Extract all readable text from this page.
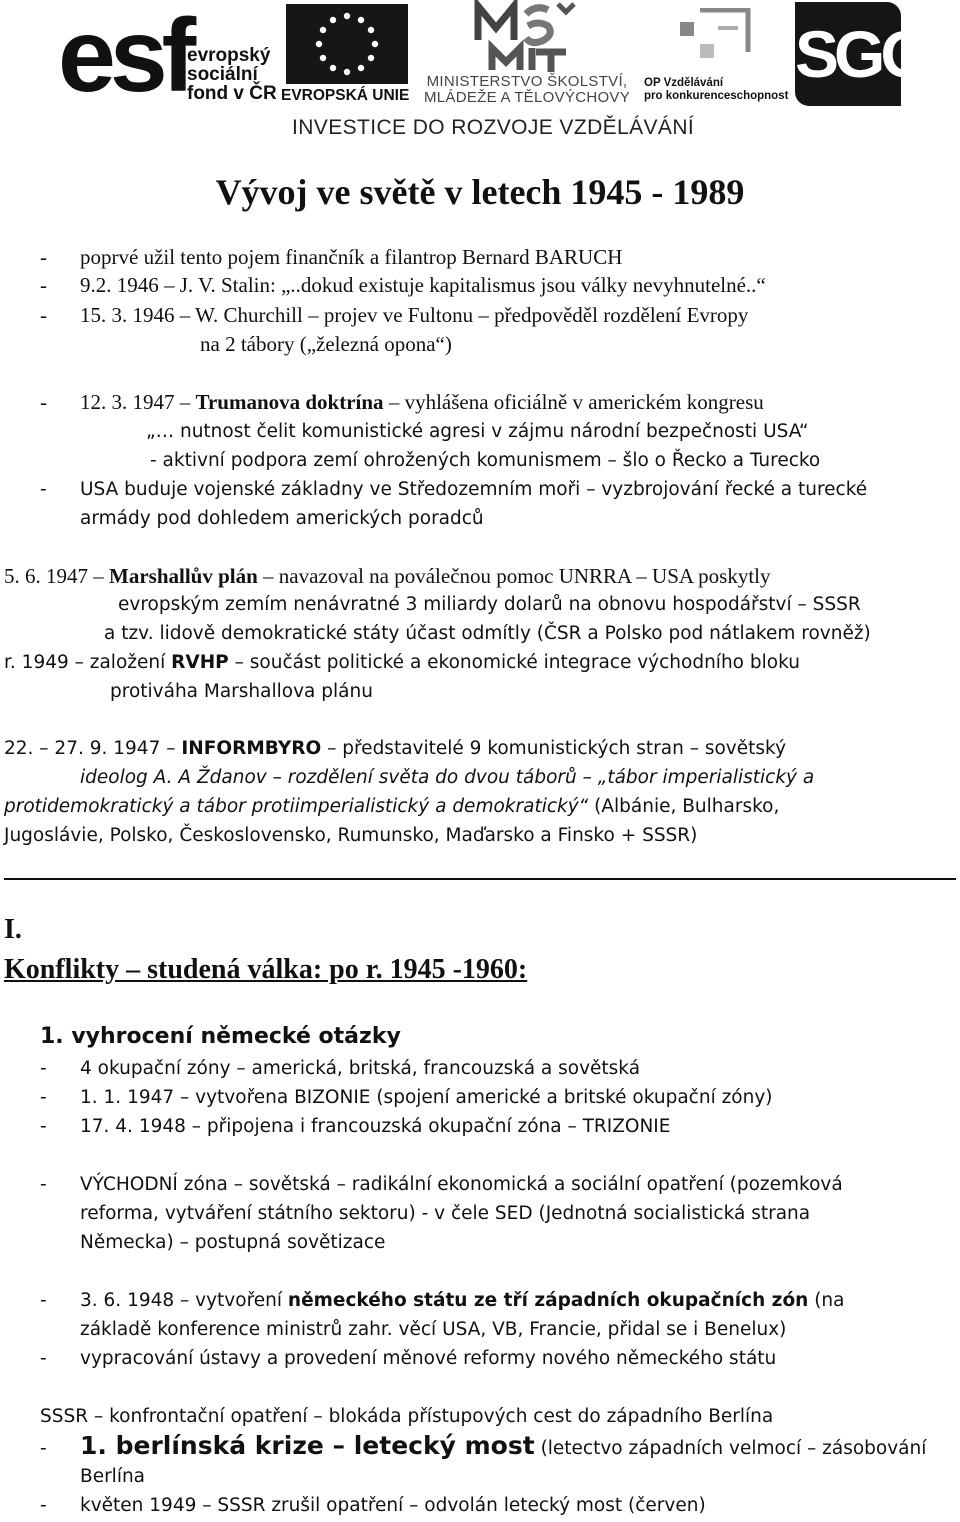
esf
evropský
sociální
fond v ČR EVROPSKÁ UNIE
MINISTERSTVO ŠKOLSTVÍ,
MLÁDEŽE A TĚLOVÝCHOVY
OP Vzdělávání
pro konkurenceschopnost
SGO
INVESTICE DO ROZVOJE VZDĚLÁVÁNÍ
Vývoj ve světě v letech 1945 - 1989
- poprvé užil tento pojem finančník a filantrop Bernard BARUCH
- 9.2. 1946 – J. V. Stalin: „..dokud existuje kapitalismus jsou války nevyhnutelné..“
- 15. 3. 1946 – W. Churchill – projev ve Fultonu – předpověděl rozdělení Evropy
na 2 tábory („železná opona“)
- 12. 3. 1947 – Trumanova doktrína – vyhlášena oficiálně v americkém kongresu
„… nutnost čelit komunistické agresi v zájmu národní bezpečnosti USA“
- aktivní podpora zemí ohrožených komunismem – šlo o Řecko a Turecko
- USA buduje vojenské základny ve Středozemním moři – vyzbrojování řecké a turecké
armády pod dohledem amerických poradců
5. 6. 1947 – Marshallův plán – navazoval na poválečnou pomoc UNRRA – USA poskytly
evropským zemím nenávratné 3 miliardy dolarů na obnovu hospodářství – SSSR
a tzv. lidově demokratické státy účast odmítly (ČSR a Polsko pod nátlakem rovněž)
r. 1949 – založení RVHP – součást politické a ekonomické integrace východního bloku
protiváha Marshallova plánu
22. – 27. 9. 1947 – INFORMBYRO – představitelé 9 komunistických stran – sovětský
ideolog A. A Ždanov – rozdělení světa do dvou táborů – „tábor imperialistický a
protidemokratický a tábor protiimperialistický a demokratický“ (Albánie, Bulharsko,
Jugoslávie, Polsko, Československo, Rumunsko, Maďarsko a Finsko + SSSR)
I.
Konflikty – studená válka: po r. 1945 -1960:
1. vyhrocení německé otázky
- 4 okupační zóny – americká, britská, francouzská a sovětská
- 1. 1. 1947 – vytvořena BIZONIE (spojení americké a britské okupační zóny)
- 17. 4. 1948 – připojena i francouzská okupační zóna – TRIZONIE
- VÝCHODNÍ zóna – sovětská – radikální ekonomická a sociální opatření (pozemková
reforma, vytváření státního sektoru) - v čele SED (Jednotná socialistická strana
Německa) – postupná sovětizace
- 3. 6. 1948 – vytvoření německého státu ze tří západních okupačních zón (na
základě konference ministrů zahr. věcí USA, VB, Francie, přidal se i Benelux)
- vypracování ústavy a provedení měnové reformy nového německého státu
SSSR – konfrontační opatření – blokáda přístupových cest do západního Berlína
- 1. berlínská krize – letecký most (letectvo západních velmocí – zásobování
Berlína
- květen 1949 – SSSR zrušil opatření – odvolán letecký most (červen)
